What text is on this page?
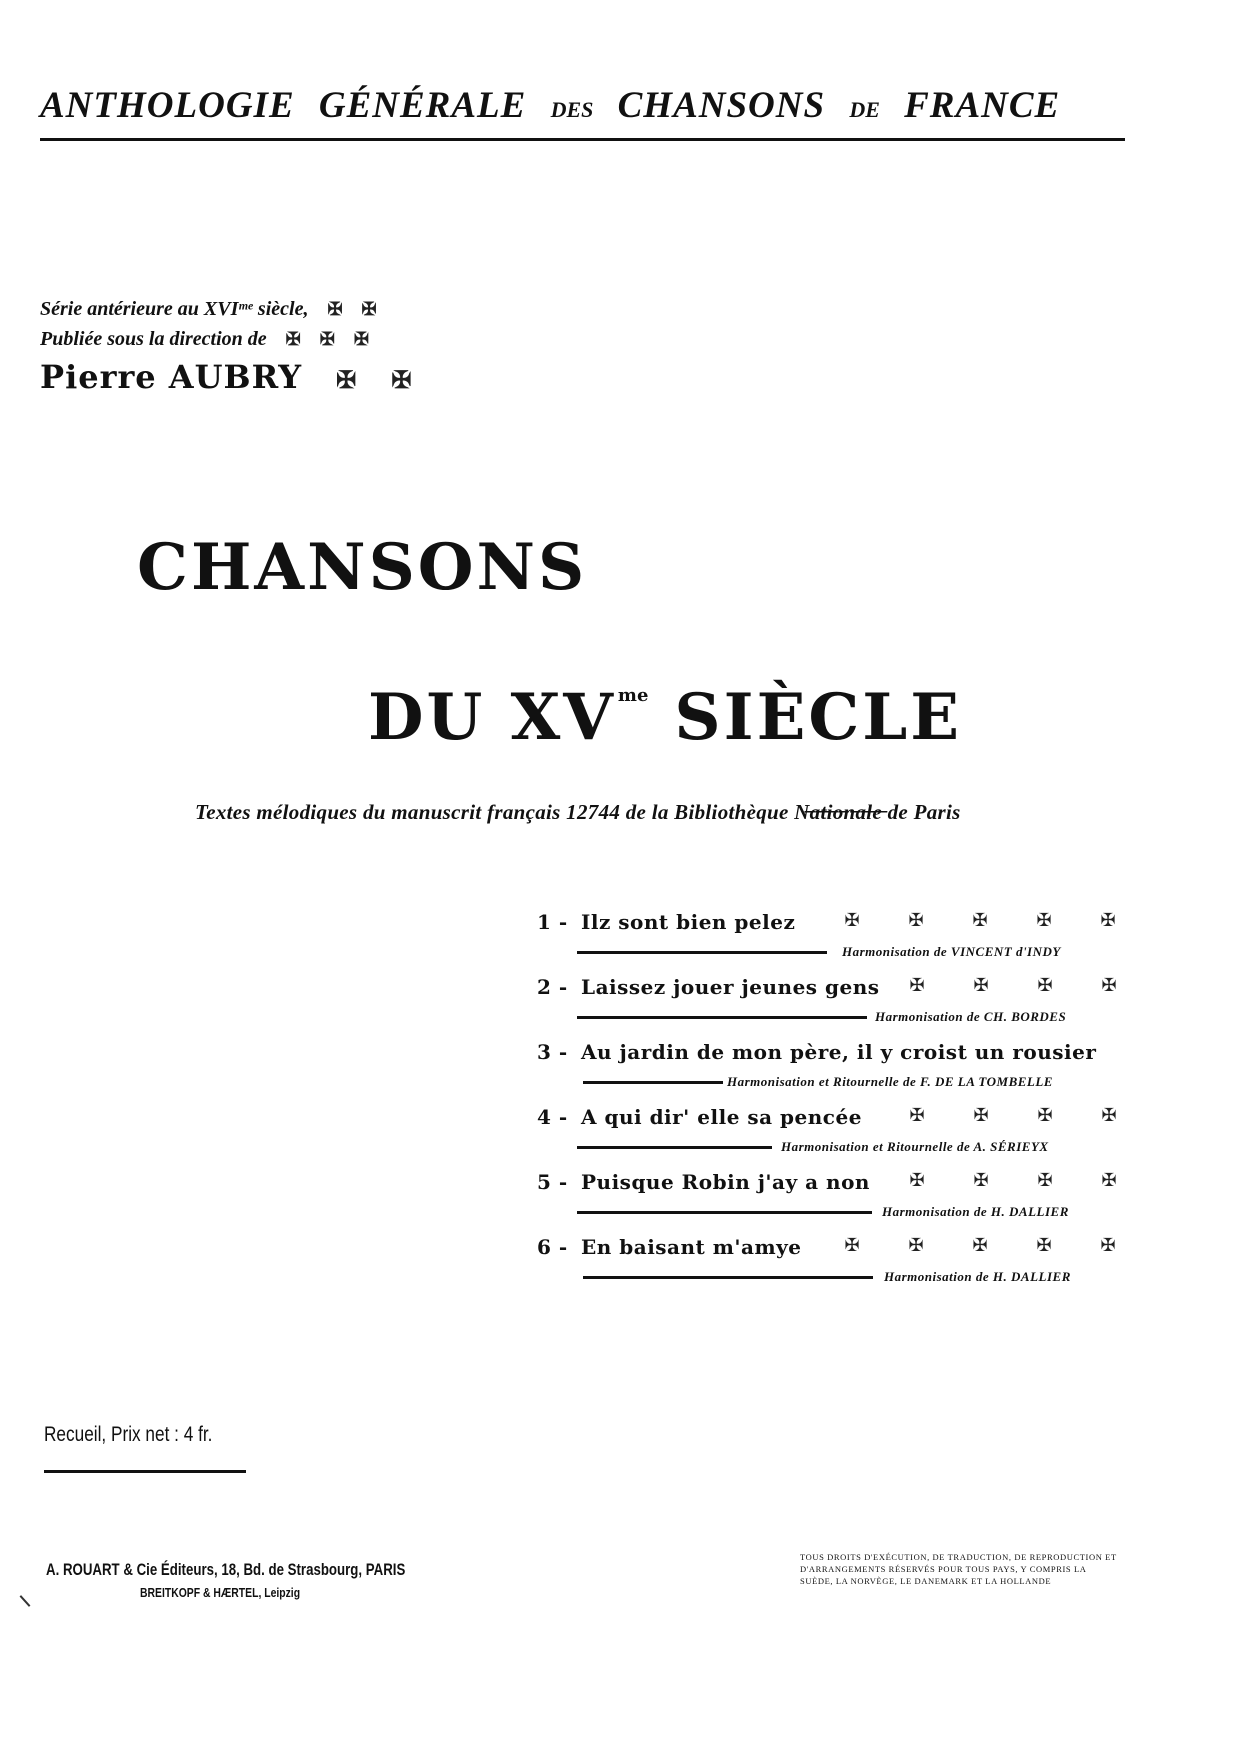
ANTHOLOGIE GÉNÉRALE DES CHANSONS DE FRANCE
Série antérieure au XVIᵐᵉ siècle, ✠ ✠
Publiée sous la direction de ✠ ✠ ✠
Pierre AUBRY ✠ ✠
CHANSONS
DU XV $^{me}$ SIÈCLE
Textes mélodiques du manuscrit français 12744 de la Bibliothèque N̶a̶t̶i̶o̶n̶a̶l̶e̶ de Paris
1 - Ilz sont bien pelez	✠	✠	✠	✠	✠
Harmonisation de VINCENT d'INDY
2 - Laissez jouer jeunes gens	✠	✠	✠	✠
Harmonisation de CH. BORDES
3 - Au jardin de mon père, il y croist un rousier
Harmonisation et Ritournelle de F. DE LA TOMBELLE
4 - A qui dir' elle sa pencée	✠	✠	✠	✠
Harmonisation et Ritournelle de A. SÉRIEYX
5 - Puisque Robin j'ay a non	✠	✠	✠	✠
Harmonisation de H. DALLIER
6 - En baisant m'amye	✠	✠	✠	✠	✠
Harmonisation de H. DALLIER
Recueil, Prix net : 4 fr.
A. ROUART & Cie Éditeurs, 18, Bd. de Strasbourg, PARIS
BREITKOPF & HÆRTEL, Leipzig
TOUS DROITS D'EXÉCUTION, DE TRADUCTION, DE REPRODUCTION ET D'ARRANGEMENTS RÉSERVÉS POUR TOUS PAYS, Y COMPRIS LA SUÈDE, LA NORVÈGE, LE DANEMARK ET LA HOLLANDE
